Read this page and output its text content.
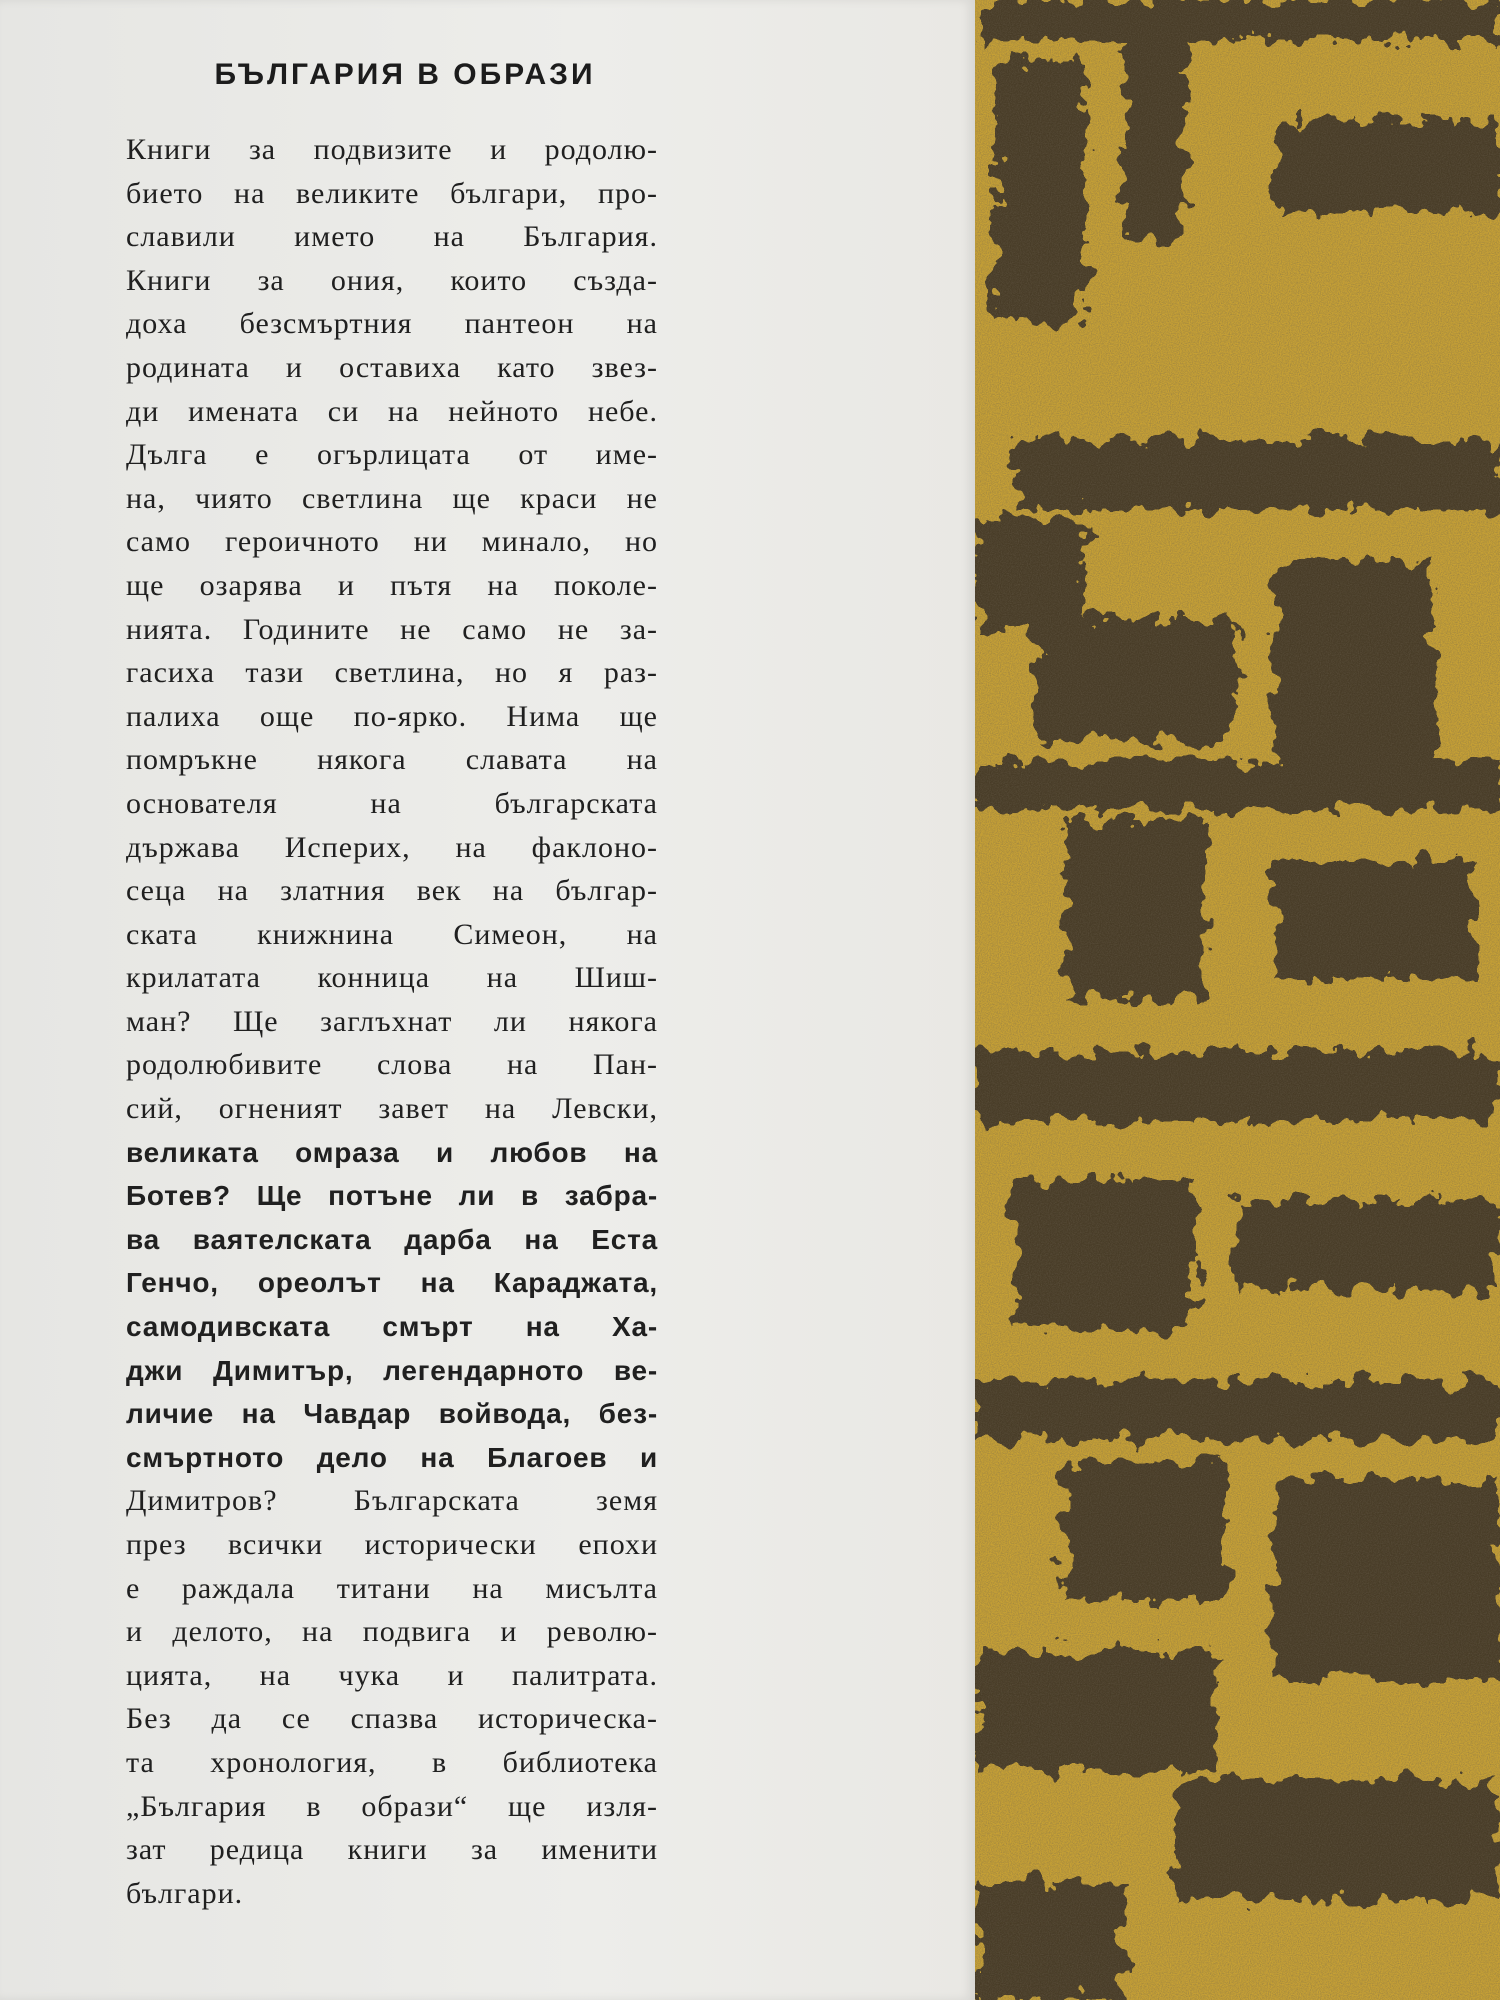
БЪЛГАРИЯ В ОБРАЗИ
Книги за подвизите и родолю-
бието на великите българи, про-
славили името на България.
Книги за ония, които създа-
доха безсмъртния пантеон на
родината и оставиха като звез-
ди имената си на нейното небе.
Дълга е огърлицата от име-
на, чиято светлина ще краси не
само героичното ни минало, но
ще озарява и пътя на поколе-
нията. Годините не само не за-
гасиха тази светлина, но я раз-
палиха още по-ярко. Нима ще
помръкне някога славата на
основателя на българската
държава Исперих, на факлоно-
сеца на златния век на българ-
ската книжнина Симеон, на
крилатата конница на Шиш-
ман? Ще заглъхнат ли някога
родолюбивите слова на Пан-
сий, огненият завет на Левски,
великата омраза и любов на
Ботев? Ще потъне ли в забра-
ва ваятелската дарба на Еста
Генчо, ореолът на Караджата,
самодивската смърт на Ха-
джи Димитър, легендарното ве-
личие на Чавдар войвода, без-
смъртното дело на Благоев и
Димитров? Българската земя
през всички исторически епохи
е раждала титани на мисълта
и делото, на подвига и револю-
цията, на чука и палитрата.
Без да се спазва историческа-
та хронология, в библиотека
„България в образи“ ще изля-
зат редица книги за именити
българи.
